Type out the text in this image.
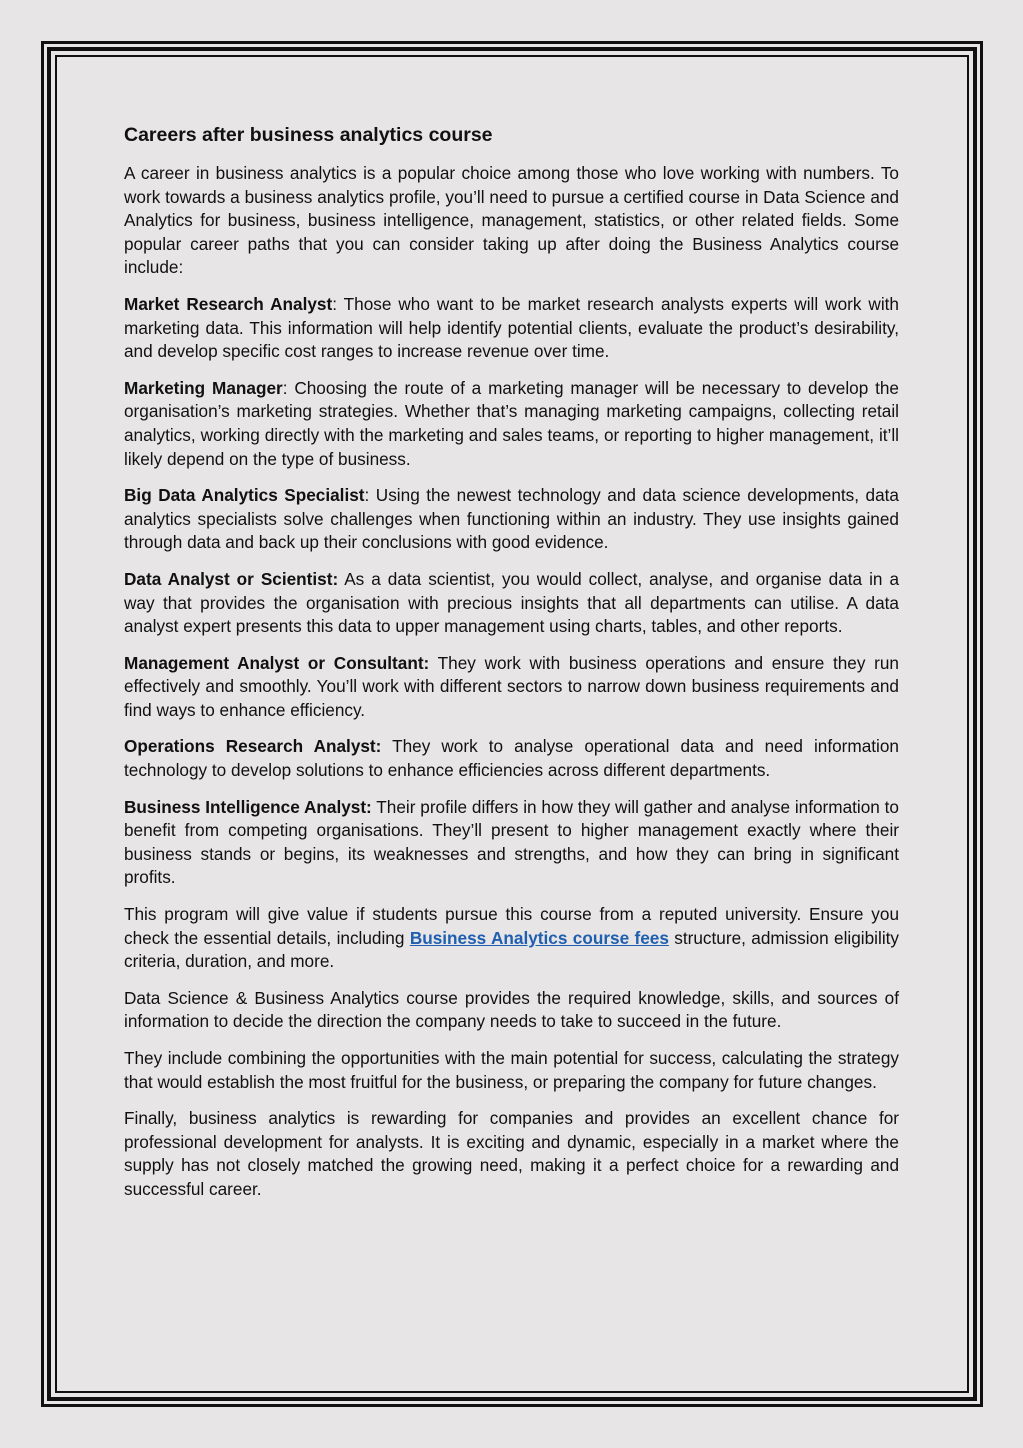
Careers after business analytics course

A career in business analytics is a popular choice among those who love working with numbers. To work towards a business analytics profile, you’ll need to pursue a certified course in Data Science and Analytics for business, business intelligence, management, statistics, or other related fields. Some popular career paths that you can consider taking up after doing the Business Analytics course include:

Market Research Analyst: Those who want to be market research analysts experts will work with marketing data. This information will help identify potential clients, evaluate the product’s desirability, and develop specific cost ranges to increase revenue over time.

Marketing Manager: Choosing the route of a marketing manager will be necessary to develop the organisation’s marketing strategies. Whether that’s managing marketing campaigns, collecting retail analytics, working directly with the marketing and sales teams, or reporting to higher management, it’ll likely depend on the type of business.

Big Data Analytics Specialist: Using the newest technology and data science developments, data analytics specialists solve challenges when functioning within an industry. They use insights gained through data and back up their conclusions with good evidence.

Data Analyst or Scientist: As a data scientist, you would collect, analyse, and organise data in a way that provides the organisation with precious insights that all departments can utilise. A data analyst expert presents this data to upper management using charts, tables, and other reports.

Management Analyst or Consultant: They work with business operations and ensure they run effectively and smoothly. You’ll work with different sectors to narrow down business requirements and find ways to enhance efficiency.

Operations Research Analyst: They work to analyse operational data and need information technology to develop solutions to enhance efficiencies across different departments.

Business Intelligence Analyst: Their profile differs in how they will gather and analyse information to benefit from competing organisations. They’ll present to higher management exactly where their business stands or begins, its weaknesses and strengths, and how they can bring in significant profits.

This program will give value if students pursue this course from a reputed university. Ensure you check the essential details, including Business Analytics course fees structure, admission eligibility criteria, duration, and more.

Data Science & Business Analytics course provides the required knowledge, skills, and sources of information to decide the direction the company needs to take to succeed in the future.

They include combining the opportunities with the main potential for success, calculating the strategy that would establish the most fruitful for the business, or preparing the company for future changes.

Finally, business analytics is rewarding for companies and provides an excellent chance for professional development for analysts. It is exciting and dynamic, especially in a market where the supply has not closely matched the growing need, making it a perfect choice for a rewarding and successful career.
